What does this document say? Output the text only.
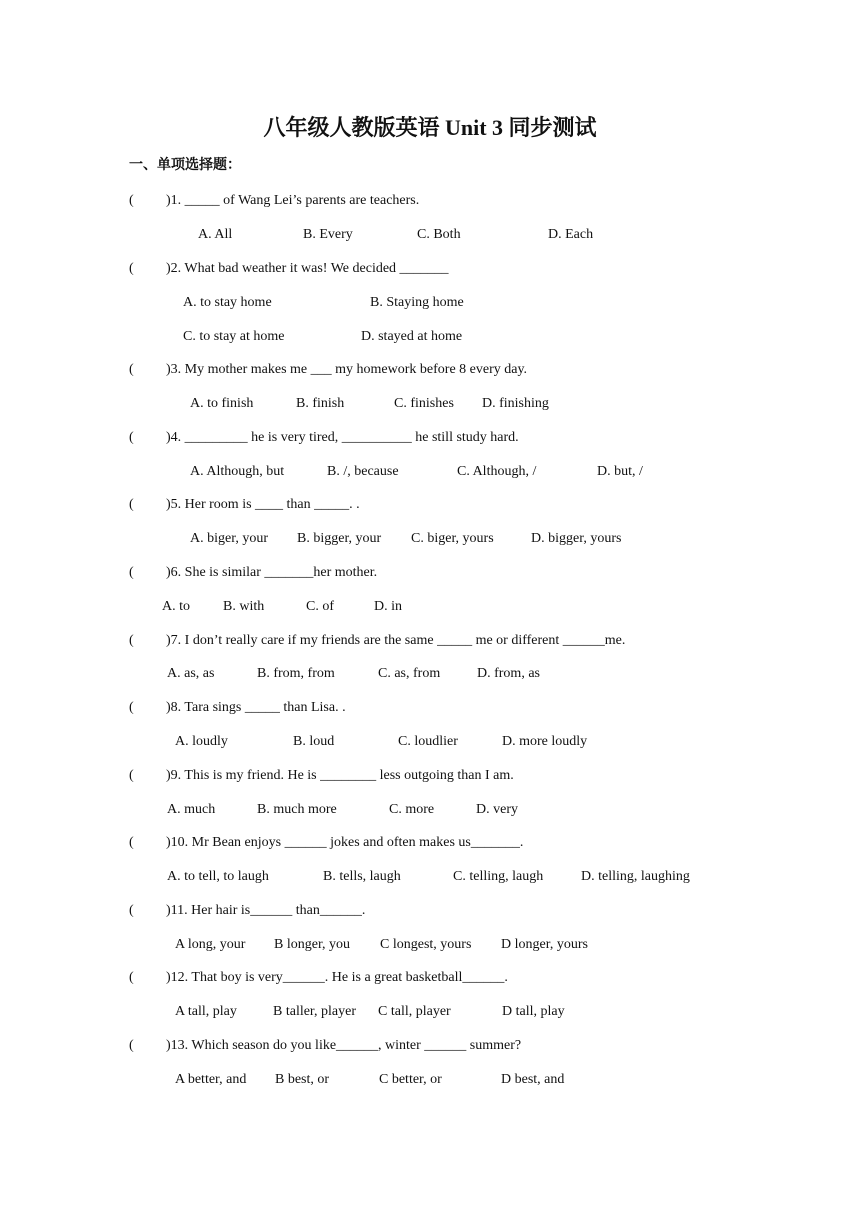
八年级人教版英语 Unit 3 同步测试
一、单项选择题：
( )1. _____ of Wang Lei’s parents are teachers.
A. All	B. Every	C. Both	D. Each
( )2. What bad weather it was! We decided _______
A. to stay home	B. Staying home
C. to stay at home	D. stayed at home
( )3. My mother makes me ___ my homework before 8 every day.
A. to finish	B. finish	C. finishes D. finishing
( )4. _________ he is very tired, __________ he still study hard.
A. Although, but	B. /, because	C. Although, /	D. but, /
( )5. Her room is ____ than _____. .
A. biger, your B. bigger, your C. biger, yours	D. bigger, yours
( )6. She is similar _______her mother.
A. to B. with	C. of	D. in
( )7. I don’t really care if my friends are the same _____ me or different ______me.
A. as, as	B. from, from	C. as, from	D. from, as
( )8. Tara sings _____ than Lisa. .
A. loudly	B. loud	C. loudlier	D. more loudly
( )9. This is my friend. He is ________ less outgoing than I am.
A. much	B. much more	C. more	D. very
( )10. Mr Bean enjoys ______ jokes and often makes us_______.
A. to tell, to laugh	B. tells, laugh	C. telling, laugh	D. telling, laughing
( )11. Her hair is______ than______.
A long, your B longer, you C longest, yours D longer, yours
( )12. That boy is very______. He is a great basketball______.
A tall, play	B taller, player C tall, player	D tall, play
( )13. Which season do you like______, winter ______ summer?
A better, and B best, or	C better, or	D best, and
